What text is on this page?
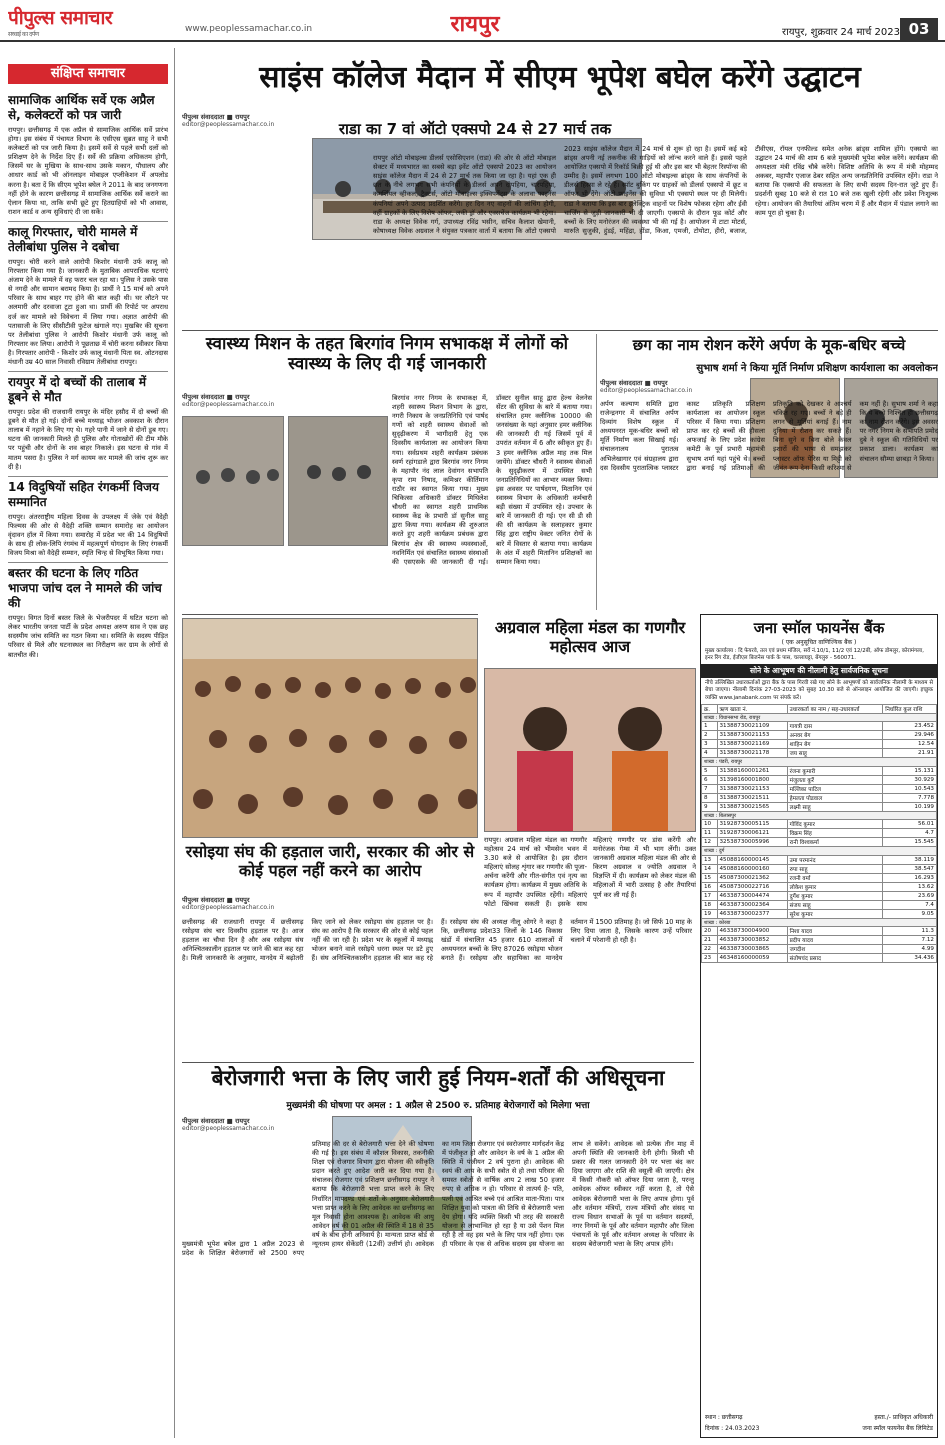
पीपुल्स समाचार
सच्चाई का दर्पण
www.peoplessamachar.co.in	रायपुर	रायपुर, शुक्रवार 24 मार्च 2023 03
संक्षिप्त समाचार
सामाजिक आर्थिक सर्वे एक अप्रैल से, कलेक्टरों को पत्र जारी

रायपुर। छत्तीसगढ़ में एक अप्रैल से सामाजिक आर्थिक सर्वे प्रारंभ होगा। इस संबंध में पंचायत विभाग के एसीएस सुब्रत साहू ने सभी कलेक्टरों को पत्र जारी किया है। इसमें सर्वे से पहले सभी दलों को प्रशिक्षण देने के निर्देश दिए हैं। सर्वे की प्रक्रिया अधिकतम होगी, जिसमें घर के मुखिया के साथ-साथ उसके मकान, पौधालय और आधार कार्ड को भी ऑनलाइन मोबाइल एप्लीकेशन में अपलोड करना है। बता दें कि सीएम भूपेश बघेल ने 2011 के बाद जनगणना नहीं होने के कारण छत्तीसगढ़ में सामाजिक आर्थिक सर्वे कराने का ऐलान किया था, ताकि सभी छूटे हुए हितग्राहियों को भी आवास, राशन कार्ड व अन्य सुविधाएं दी जा सकें।

कालू गिरफ्तार, चोरी मामले में तेलीबांधा पुलिस ने दबोचा

रायपुर। चोरी करने वाले आरोपी किशोर मंधानी उर्फ कालू को गिरफ्तार किया गया है। जानकारी के मुताबिक आपराधिक घटनाएं अंजाम देने के मामले में वह फरार चल रहा था। पुलिस ने उसके पास से नगदी और सामान बरामद किया है। प्रार्थी ने 15 मार्च को अपने परिवार के साथ बाहर गए होने की बात कही थी। घर लौटने पर अलमारी और दरवाजा टूटा हुआ था। प्रार्थी की रिपोर्ट पर अपराध दर्ज कर मामले को विवेचना में लिया गया। अज्ञात आरोपी की पतासाजी के लिए सीसीटीवी फुटेज खंगाले गए। मुखबिर की सूचना पर तेलीबांधा पुलिस ने आरोपी किशोर मंधानी उर्फ कालू को गिरफ्तार कर लिया। आरोपी ने पूछताछ में चोरी करना स्वीकार किया है। गिरफ्तार आरोपी - किशोर उर्फ कालू मंधानी पिता स्व. ओटनदास मंधानी उम्र 40 साल निवासी रविग्राम तेलीबांधा रायपुर।

रायपुर में दो बच्चों की तालाब में डूबने से मौत

रायपुर। प्रदेश की राजधानी रायपुर के मंदिर हसौद में दो बच्चों की डूबने से मौत हो गई। दोनों बच्चे मध्याह्न भोजन अवकाश के दौरान तालाब में नहाने के लिए गए थे। गहरे पानी में जाने से दोनों डूब गए। घटना की जानकारी मिलते ही पुलिस और गोताखोरों की टीम मौके पर पहुंची और दोनों के शव बाहर निकाले। इस घटना से गांव में मातम पसरा है। पुलिस ने मर्ग कायम कर मामले की जांच शुरू कर दी है।

14 विदुषियों सहित रंगकर्मी विजय सम्मानित

रायपुर। अंतरराष्ट्रीय महिला दिवस के उपलक्ष्य में जेके एवं वैदेही फिल्मस की ओर से वैदेही शक्ति सम्मान समारोह का आयोजन वृंदावन हॉल में किया गया। समारोह में प्रदेश भर की 14 विदुषियों के साथ ही लोक-लिपि रंगमंच में महत्वपूर्ण योगदान के लिए रंगकर्मी विजय मिश्रा को वैदेही सम्मान, स्मृति चिन्ह से विभूषित किया गया।

बस्तर की घटना के लिए गठित भाजपा जांच दल ने मामले की जांच की

रायपुर। विगत दिनों बस्तर जिले के भेजरीपदर में घटित घटना को लेकर भारतीय जनता पार्टी के प्रदेश अध्यक्ष अरुण साव ने एक छह सदस्यीय जांच समिति का गठन किया था। समिति के सदस्य पीड़ित परिवार से मिले और घटनास्थल का निरीक्षण कर ग्राम के लोगों से बातचीत की।

साइंस कॉलेज मैदान में सीएम भूपेश बघेल करेंगे उद्घाटन
पीपुल्स संवाददाता ■ रायपुर
editor@peoplessamachar.co.in	राडा का 7 वां ऑटो एक्सपो 24 से 27 मार्च तक
रायपुर ऑटो मोबाइल्स डीलर्स एसोसिएशन (राडा) की ओर से ऑटो मोबाइल सेक्टर में मध्यभारत का सबसे बड़ा इवेंट ऑटो एक्सपो 2023 का आयोजन साइंस कॉलेज मैदान में 24 से 27 मार्च तक किया जा रहा है। यहां एक ही छत के नीचे लगभग सभी कंपनियों के डीलर्स अपने दोपहिया, चारपहिया, कमर्शियल व्हीकल, ट्रैक्टर्स, ऑटो मोबाइल्स इक्विपमेंट्स के अलावा फाइनेंस कंपनियां अपने उत्पाद प्रदर्शित करेंगे। हर दिन नए वाहनों की लांचिंग होगी, वहीं ग्राहकों के लिए विशेष ऑफर, लकी ड्रॉ और एक्सचेंज कार्यक्रम भी रहेगा। राडा के अध्यक्ष विवेक गर्ग, उपाध्यक्ष रविंद्र भसीन, सचिव कैलाश खेमानी, कोषाध्यक्ष विवेक अग्रवाल ने संयुक्त पत्रकार वार्ता में बताया कि ऑटो एक्सपो 2023 साइंस कॉलेज मैदान में 24 मार्च से शुरू हो रहा है। इसमें कई बड़े ब्रांड्स अपनी नई तकनीक की गाड़ियों को लॉन्च करने वाले हैं। इससे पहले आयोजित एक्सपो में रिकॉर्ड बिक्री हुई थी और इस बार भी बेहतर रिस्पॉन्स की उम्मीद है। इसमें लगभग 100 ऑटो मोबाइल्स ब्रांड्स के साथ कंपनियों के डीलर्स हिस्सा ले रहे हैं। स्पॉट बुकिंग पर ग्राहकों को डीलर्स एक्सपो में छूट व ऑफर भी देंगे। ऑटो फाइनेंस की सुविधा भी एक्सपो स्थल पर ही मिलेगी। राडा ने बताया कि इस बार इलेक्ट्रिक वाहनों पर विशेष फोकस रहेगा और ईवी चार्जिंग से जुड़ी जानकारी भी दी जाएगी। एक्सपो के दौरान फूड कोर्ट और बच्चों के लिए मनोरंजन की व्यवस्था भी की गई है। आयोजन में टाटा मोटर्स, मारुति सुजुकी, हुंडई, महिंद्रा, होंडा, किआ, एमजी, टोयोटा, हीरो, बजाज, टीवीएस, रॉयल एनफील्ड समेत अनेक ब्रांड्स शामिल होंगे। एक्सपो का उद्घाटन 24 मार्च की शाम 6 बजे मुख्यमंत्री भूपेश बघेल करेंगे। कार्यक्रम की अध्यक्षता मंत्री रविंद्र चौबे करेंगे। विशिष्ट अतिथि के रूप में मंत्री मोहम्मद अकबर, महापौर एजाज ढेबर सहित अन्य जनप्रतिनिधि उपस्थित रहेंगे। राडा ने बताया कि एक्सपो की सफलता के लिए सभी सदस्य दिन-रात जुटे हुए हैं। प्रदर्शनी सुबह 10 बजे से रात 10 बजे तक खुली रहेगी और प्रवेश निःशुल्क रहेगा। आयोजन की तैयारियां अंतिम चरण में हैं और मैदान में पंडाल लगाने का काम पूरा हो चुका है।
स्वास्थ्य मिशन के तहत बिरगांव निगम सभाकक्ष में लोगों को स्वास्थ्य के लिए दी गई जानकारी
पीपुल्स संवाददाता ■ रायपुर
editor@peoplessamachar.co.in
बिरगांव नगर निगम के सभाकक्ष में, शहरी स्वास्थ्य मिशन विभाग के द्वारा, नगरी निकाय के जनप्रतिनिधि एवं पार्षद गणों को शहरी स्वास्थ्य सेवाओं को सुदृढ़ीकरण में भागीदारी हेतु एक दिवसीय कार्यशाला का आयोजन किया गया। सर्वप्रथम शहरी कार्यक्रम प्रबंधक स्वर्ण रहांगडाले द्वारा बिरगांव नगर निगम के महापौर नंद लाल देवांगन सभापति कृपा राम निषाद, कमिश्नर कीर्तिमान राठौर का स्वागत किया गया। मुख्य चिकित्सा अधिकारी डॉक्टर मिथिलेश चौधरी का स्वागत शहरी प्राथमिक स्वास्थ्य केंद्र के प्रभारी डॉ सुनील साहू द्वारा किया गया। कार्यक्रम की शुरुआत करते हुए शहरी कार्यक्रम प्रबंधक द्वारा बिरगांव क्षेत्र की स्वास्थ्य व्यवस्थाओं, नवनिर्मित एवं संचालित स्वास्थ्य संस्थाओं की एसएसके की जानकारी दी गई। डॉक्टर सुनील साहू द्वारा हेल्थ वेलनेस सेंटर की सुविधा के बारे में बताया गया। संचालित हमर क्लीनिक 10000 की जनसंख्या के यहां अनुसार हमर क्लीनिक की जानकारी दी गई जिसमें पूर्व में उपरांत वर्तमान में 6 और स्वीकृत हुए हैं। 3 हमर क्लीनिक अप्रैल माह तक मिल जायेंगे। डॉक्टर चौधरी ने स्वास्थ्य सेवाओं के सुदृढ़ीकरण में उपस्थित सभी जनप्रतिनिधियों का आभार व्यक्त किया। इस अवसर पर पार्षदगण, मितानिन एवं स्वास्थ्य विभाग के अधिकारी कर्मचारी बड़ी संख्या में उपस्थित रहे। उपचार के बारे में जानकारी दी गई। एन सी डी सी की सी कार्यक्रम के सलाहकार कुमार सिंह द्वारा राष्ट्रीय वेक्टर जनित रोगों के बारे में विस्तार से बताया गया। कार्यक्रम के अंत में शहरी मितानिन प्रशिक्षकों का सम्मान किया गया।
छग का नाम रोशन करेंगे अर्पण के मूक-बधिर बच्चे
सुभाष शर्मा ने किया मूर्ति निर्माण प्रशिक्षण कार्यशाला का अवलोकन
पीपुल्स संवाददाता ■ रायपुर
editor@peoplessamachar.co.in
अर्पण कल्याण समिति द्वारा राजेन्द्रनगर में संचालित अर्पण दिव्यांग विशेष स्कूल में अध्ययनरत मूक-बधिर बच्चों को मूर्ति निर्माण कला सिखाई गई। संचालनालय पुरातत्व अभिलेखागार एवं संग्रहालय द्वारा दस दिवसीय पुरातात्विक प्लास्टर कास्ट प्रतिकृति प्रशिक्षण कार्यशाला का आयोजन स्कूल परिसर में किया गया। प्रशिक्षण प्राप्त कर रहे बच्चों की हौसला अफजाई के लिए प्रदेश कांग्रेस कमेटी के पूर्व प्रभारी महामंत्री सुभाष शर्मा यहां पहुंचे थे। बच्चों द्वारा बनाई गई प्रतिमाओं की प्रतिकृति को देखकर वे आश्चर्य चकित रह गए। बच्चों ने बड़े ही लगन से मूर्तियां बनाई हैं। नाम दुनिया में रौशन कर सकते हैं। बिना सुने व बिना बोले केवल इशारों की भाषा से समझकर प्लास्टर ऑफ पेरिस या मिट्टी को जीवंत रूप देना किसी करिश्मा से कम नहीं है। सुभाष शर्मा ने कहा कि ये बच्चे निश्चित ही छत्तीसगढ़ का नाम रोशन करेंगे। इस अवसर पर नगर निगम के सभापति प्रमोद दुबे ने स्कूल की गतिविधियों पर प्रकाश डाला। कार्यक्रम का संचालन सौम्या छाबड़ा ने किया।
जना स्मॉल फायनेंस बैंक
( एक अनुसूचित वाणिज्यिक बैंक )
मुख्य कार्यालय : दि फेयरवे, तल एवं प्रथम मंजिल, सर्वे नं.10/1, 11/2 एवं 12/2बी, ऑफ डोमलुर, कोरामंगला, इनर रिंग रोड, ईजीएल बिजनेस पार्क के पास, चल्लाघट्टा, बेंगलुरु - 560071.
सोने के आभूषण की नीलामी हेतु सार्वजनिक सूचना
नीचे उल्लिखित उधारकर्ताओं द्वारा बैंक के पास गिरवी रखे गए सोने के आभूषणों को सार्वजनिक नीलामी के माध्यम से बेचा जाएगा। नीलामी दिनांक 27-03-2023 को सुबह 10.30 बजे से ऑनलाइन आयोजित की जाएगी। इच्छुक व्यक्ति www.janabank.com पर संपर्क करें।
क्र.	ऋण खाता नं.	उधारकर्ता का नाम / सह-उधारकर्ता	निर्धारित कुल राशि
शाखा : विधानसभा रोड, रायपुर			
1	31388730021109	गायत्री दास	23.452
2	31388730021153	अनवर बेग	29.946
3	31388730021169	शाहिन बेग	12.54
4	31388730021178	जय साहू	21.91
शाखा : पंडरी, रायपुर			
5	31388160001261	रंजना कुमारी	15.131
6	31398160001800	मंजुलता कुर्रे	30.929
7	31388730021153	मल्लिका पाटिल	10.543
8	31388730021511	हेमलता पोडवाल	7.778
9	31388730021565	लक्ष्मी साहू	10.199
शाखा : बिलासपुर			
10	31928730005115	गोविंद कुमार	56.01
11	31928730006121	विक्रम सिंह	4.7
12	32538730005996	रानी विश्वकर्मा	15.545
शाखा : दुर्ग			
13	45088160000145	उमा परमानंद	38.119
14	45088160000160	रुपा साहू	38.547
15	45087300021362	रजनी वर्मा	16.293
16	45087300022716	लोकेश कुमार	13.62
17	46338730004474	दुर्गेश कुमार	23.69
18	46338730002364	संजय साहू	7.4
19	46338730002377	सुरेश कुमार	9.05
शाखा : कोरबा			
20	46338730004900	निशा यादव	11.3
21	46338730003852	प्रदीप यादव	7.12
22	46338730003865	जगदीश	4.99
23	46348160000059	संतोषचंद प्रसाद	34.436
स्थान : छत्तीसगढ़
दिनांक : 24.03.2023
हस्ता./- प्राधिकृत अधिकारी
जना स्मॉल फायनेंस बैंक लिमिटेड
रसोइया संघ की हड़ताल जारी, सरकार की ओर से कोई पहल नहीं करने का आरोप
पीपुल्स संवाददाता ■ रायपुर
editor@peoplessamachar.co.in
छत्तीसगढ़ की राजधानी रायपुर में छत्तीसगढ़ रसोइया संघ चार दिवसीय हड़ताल पर है। आज हड़ताल का चौथा दिन है और अब रसोइया संघ अनिश्चितकालीन हड़ताल पर जाने की बात कह रहा है। मिली जानकारी के अनुसार, मानदेय में बढ़ोतरी किए जाने को लेकर रसोइया संघ हड़ताल पर है। संघ का आरोप है कि सरकार की ओर से कोई पहल नहीं की जा रही है। प्रदेश भर के स्कूलों में मध्याह्न भोजन बनाने वाले रसोइये धरना स्थल पर डटे हुए हैं। संघ अनिश्चितकालीन हड़ताल की बात कह रहे हैं। रसोइया संघ की अध्यक्ष नीलू ओगरे ने कहा है कि, छत्तीसगढ़ प्रदेश33 जिलों के 146 विकास खंडों में संचालित 45 हजार 610 शालाओं में अध्ययनरत बच्चों के लिए 87026 रसोइया भोजन बनाते हैं। रसोइया और सहायिका का मानदेय वर्तमान में 1500 प्रतिमाह है। जो सिर्फ 10 माह के लिए दिया जाता है, जिसके कारण उन्हें परिवार चलाने में परेशानी हो रही है।
अग्रवाल महिला मंडल का गणगौर महोत्सव आज
रायपुर। अग्रवाल महिला मंडल का गणगौर महोत्सव 24 मार्च को भीमसेन भवन में 3.30 बजे से आयोजित है। इस दौरान महिलाएं सोलह शृंगार कर गणगौर की पूजा-अर्चना करेंगी और गीत-संगीत एवं नृत्य का कार्यक्रम होगा। कार्यक्रम में मुख्य अतिथि के रूप में महापौर उपस्थित रहेंगी। महिलाएं फोटो खिंचवा सकती हैं। इसके साथ महिलाएं गणगौर पर डांस करेंगी और मनोरंजक गेम्स में भी भाग लेंगी। उक्त जानकारी अग्रवाल महिला मंडल की ओर से किरण अग्रवाल व ज्योति अग्रवाल ने विज्ञप्ति में दी। कार्यक्रम को लेकर मंडल की महिलाओं में भारी उत्साह है और तैयारियां पूर्ण कर ली गई हैं।
बेरोजगारी भत्ता के लिए जारी हुई नियम-शर्तों की अधिसूचना
मुख्यमंत्री की घोषणा पर अमल : 1 अप्रैल से 2500 रु. प्रतिमाह बेरोजगारों को मिलेगा भत्ता
पीपुल्स संवाददाता ■ रायपुर
editor@peoplessamachar.co.in
मुख्यमंत्री भूपेश बघेल द्वारा 1 अप्रैल 2023 से प्रदेश के शिक्षित बेरोजगारों को 2500 रुपए प्रतिमाह की दर से बेरोजगारी भत्ता देने की घोषणा की गई है। इस संबंध में कौशल विकास, तकनीकी शिक्षा एवं रोजगार विभाग द्वारा योजना की स्वीकृति प्रदान करते हुए आदेश जारी कर दिया गया है। संचालक रोजगार एवं प्रशिक्षण छत्तीसगढ़ रायपुर ने बताया कि बेरोजगारी भत्ता प्राप्त करने के लिए निर्धारित मापदण्ड एवं शर्तों के अनुसार बेरोजगारी भत्ता प्राप्त करने के लिए आवेदक का छत्तीसगढ़ का मूल निवासी होना आवश्यक है। आवेदक की आयु आवेदन वर्ष की 01 अप्रैल की स्थिति में 18 से 35 वर्ष के बीच होनी अनिवार्य है। मान्यता प्राप्त बोर्ड से न्यूनतम हायर सेकेंडरी (12वीं) उत्तीर्ण हो। आवेदक का नाम जिला रोजगार एवं स्वरोजगार मार्गदर्शन केंद्र में पंजीकृत हो और आवेदन के वर्ष के 1 अप्रैल की स्थिति में पंजीयन 2 वर्ष पुराना हो। आवेदक की स्वयं की आय के सभी स्त्रोत से हो तथा परिवार की समस्त स्त्रोतों से वार्षिक आय 2 लाख 50 हजार रुपए से अधिक न हो। परिवार से तात्पर्य है- पति, पत्नी एवं आश्रित बच्चे एवं आश्रित माता-पिता। पात्र शिक्षित युवा को पात्रता की तिथि से बेरोजगारी भत्ता देय होगा। यदि व्यक्ति किसी भी तरह की सरकारी योजना से लाभान्वित हो रहा है या उसे पेंशन मिल रही है तो वह इस भत्ते के लिए पात्र नहीं होगा। एक ही परिवार के एक से अधिक सदस्य इस योजना का लाभ ले सकेंगे। आवेदक को प्रत्येक तीन माह में अपनी स्थिति की जानकारी देनी होगी। किसी भी प्रकार की गलत जानकारी देने पर भत्ता बंद कर दिया जाएगा और राशि की वसूली की जाएगी। क्षेत्र में किसी नौकरी को ऑफर दिया जाता है, परन्तु आवेदक ऑफर स्वीकार नहीं करता है, तो ऐसे आवेदक बेरोजगारी भत्ता के लिए अपात्र होगा। पूर्व और वर्तमान मंत्रियों, राज्य मंत्रियों और संसद या राज्य विधान सभाओं के पूर्व या वर्तमान सदस्यों, नगर निगमों के पूर्व और वर्तमान महापौर और जिला पंचायतों के पूर्व और वर्तमान अध्यक्ष के परिवार के सदस्य बेरोजगारी भत्ता के लिए अपात्र होंगे।
